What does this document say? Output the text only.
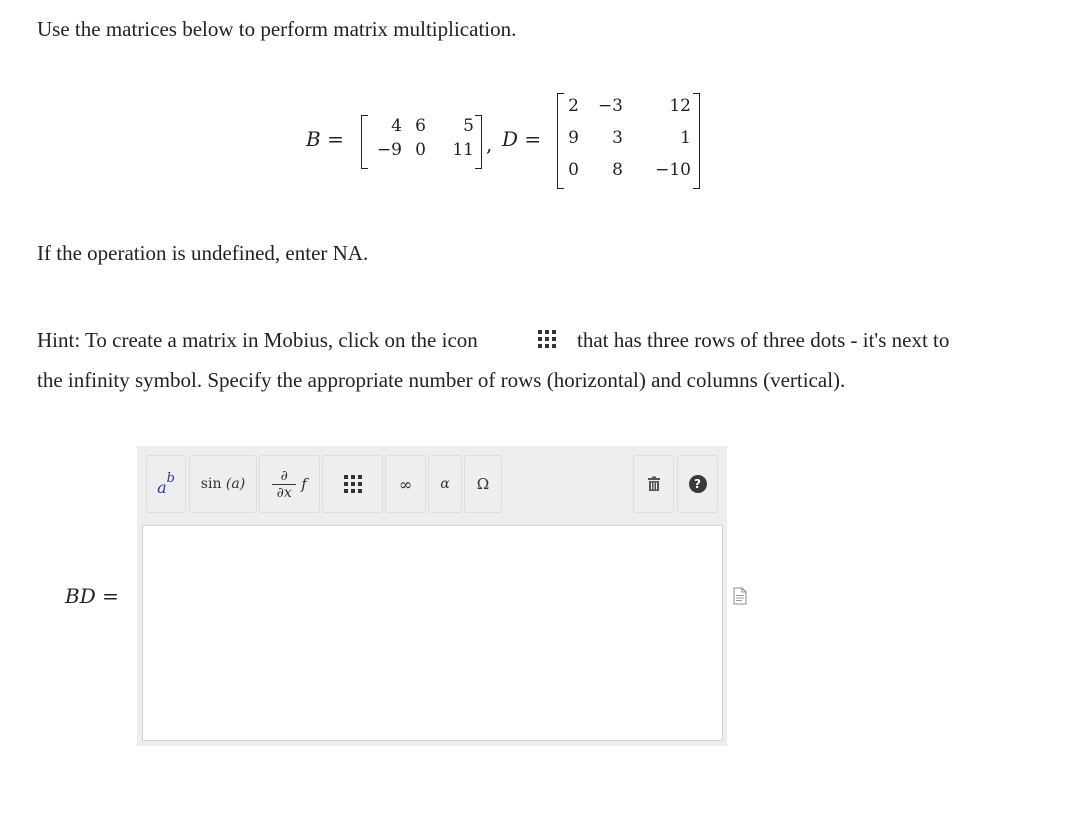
Use the matrices below to perform matrix multiplication.
B =
4 6	5
−9 0	11 , D =
2	−3	12
9	3	1
0	8	−10
If the operation is undefined, enter NA.
Hint: To create a matrix in Mobius, click on the icon	that has three rows of three dots - it's next to
the infinity symbol. Specify the appropriate number of rows (horizontal) and columns (vertical).
BD =
a b sin
(a)
∂
∂x f	∞ α Ω	?
